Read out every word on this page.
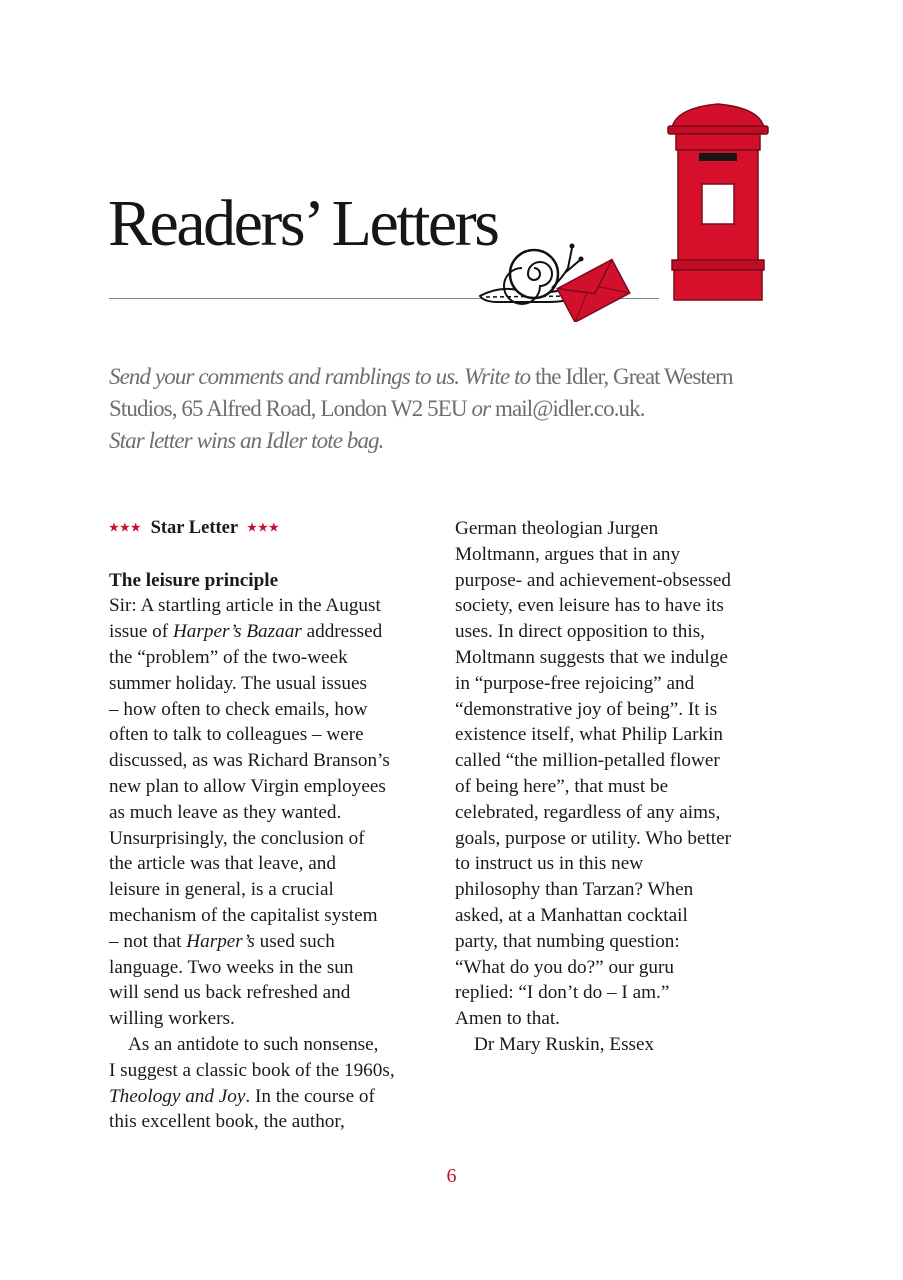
Readers’ Letters

Send your comments and ramblings to us. Write to the Idler, Great Western

Studios, 65 Alfred Road, London W2 5EU or mail@idler.co.uk.

Star letter wins an Idler tote bag.

★★★ Star Letter ★★★
The leisure principle
Sir: A startling article in the August
issue of Harper’s Bazaar addressed
the “problem” of the two-week
summer holiday. The usual issues
– how often to check emails, how
often to talk to colleagues – were
discussed, as was Richard Branson’s
new plan to allow Virgin employees
as much leave as they wanted.
Unsurprisingly, the conclusion of
the article was that leave, and
leisure in general, is a crucial
mechanism of the capitalist system
– not that Harper’s used such
language. Two weeks in the sun
will send us back refreshed and
willing workers.
As an antidote to such nonsense,
I suggest a classic book of the 1960s,
Theology and Joy. In the course of
this excellent book, the author,
German theologian Jurgen
Moltmann, argues that in any
purpose- and achievement-obsessed
society, even leisure has to have its
uses. In direct opposition to this,
Moltmann suggests that we indulge
in “purpose-free rejoicing” and
“demonstrative joy of being”. It is
existence itself, what Philip Larkin
called “the million-petalled flower
of being here”, that must be
celebrated, regardless of any aims,
goals, purpose or utility. Who better
to instruct us in this new
philosophy than Tarzan? When
asked, at a Manhattan cocktail
party, that numbing question:
“What do you do?” our guru
replied: “I don’t do – I am.”
Amen to that.
Dr Mary Ruskin, Essex
6
